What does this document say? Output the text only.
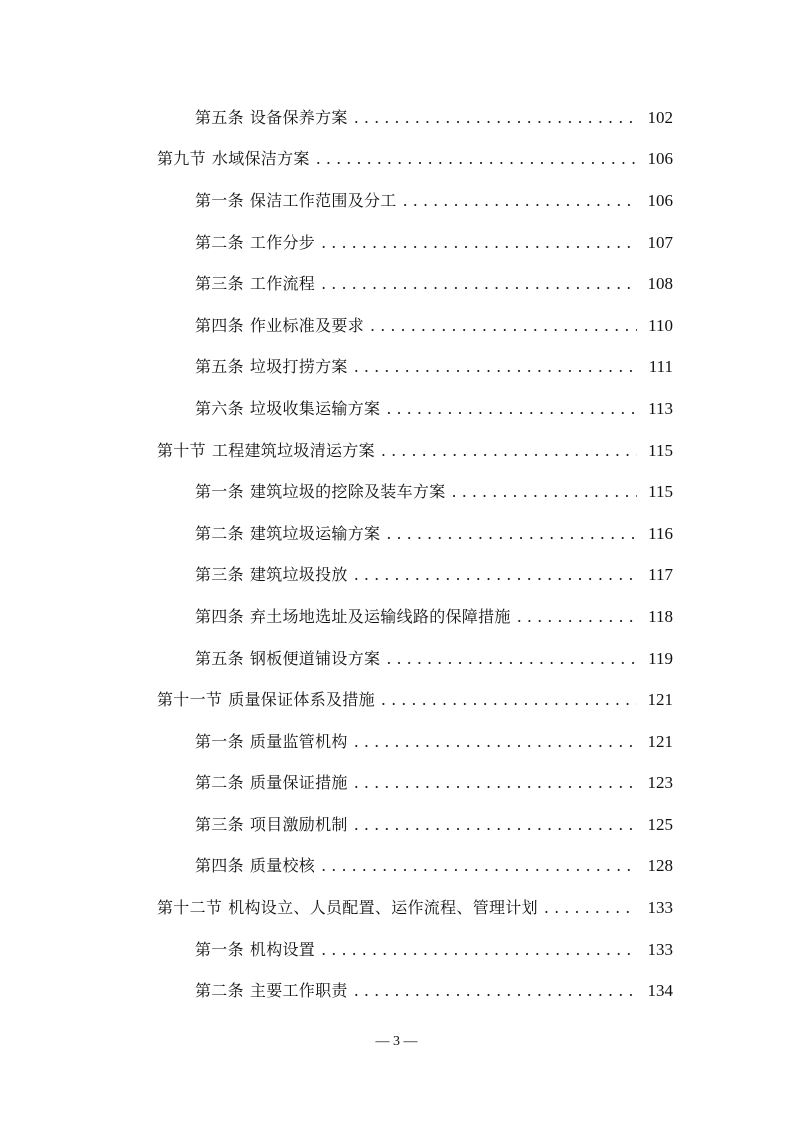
第五条 设备保养方案 . . .	102
第九节 水域保洁方案 . . .	106
第一条 保洁工作范围及分工 . . .	106
第二条 工作分步 . . .	107
第三条 工作流程 . . .	108
第四条 作业标准及要求 . . .	110
第五条 垃圾打捞方案 . . .	111
第六条 垃圾收集运输方案 . . .	113
第十节 工程建筑垃圾清运方案 . . .	115
第一条 建筑垃圾的挖除及装车方案 . . .	115
第二条 建筑垃圾运输方案 . . .	116
第三条 建筑垃圾投放 . . .	117
第四条 弃土场地选址及运输线路的保障措施 . . .	118
第五条 钢板便道铺设方案 . . .	119
第十一节 质量保证体系及措施 . . .	121
第一条 质量监管机构 . . .	121
第二条 质量保证措施 . . .	123
第三条 项目激励机制 . . .	125
第四条 质量校核 . . .	128
第十二节 机构设立、人员配置、运作流程、管理计划 . . .	133
第一条 机构设置 . . .	133
第二条 主要工作职责 . . .	134
— 3 —
